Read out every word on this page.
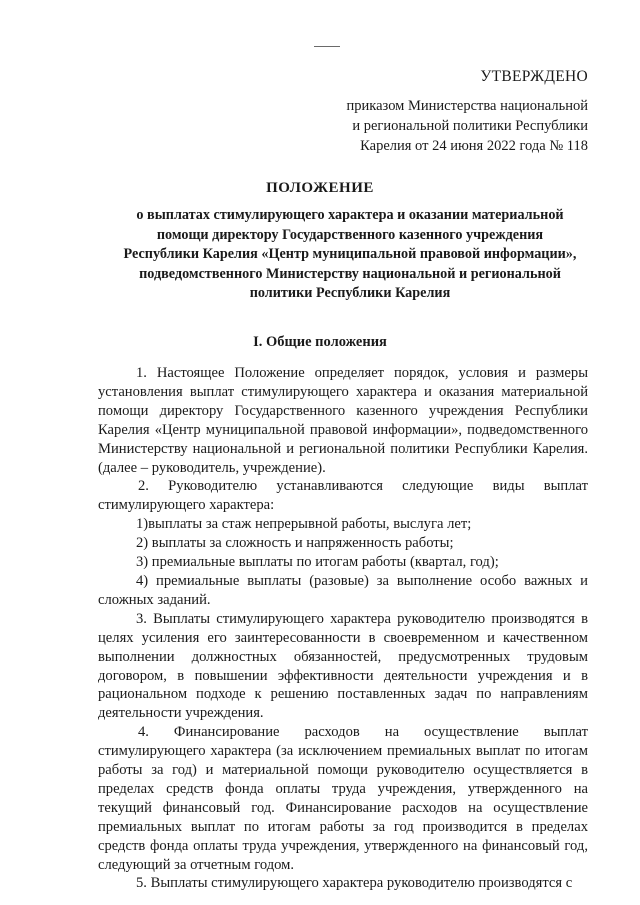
УТВЕРЖДЕНО
приказом Министерства национальной
и региональной политики Республики
Карелия от 24 июня 2022 года № 118
ПОЛОЖЕНИЕ
о выплатах стимулирующего характера и оказании материальной
помощи директору Государственного казенного учреждения
Республики Карелия «Центр муниципальной правовой информации»,
подведомственного Министерству национальной и региональной
политики Республики Карелия
I. Общие положения

1. Настоящее Положение определяет порядок, условия и размеры установления выплат стимулирующего характера и оказания материальной помощи директору Государственного казенного учреждения Республики Карелия «Центр муниципальной правовой информации», подведомственного Министерству национальной и региональной политики Республики Карелия. (далее – руководитель, учреждение).

2. Руководителю устанавливаются следующие виды выплат стимулирующего характера:

1)выплаты за стаж непрерывной работы, выслуга лет;

2) выплаты за сложность и напряженность работы;

3) премиальные выплаты по итогам работы (квартал, год);

4) премиальные выплаты (разовые) за выполнение особо важных и сложных заданий.

3. Выплаты стимулирующего характера руководителю производятся в целях усиления его заинтересованности в своевременном и качественном выполнении должностных обязанностей, предусмотренных трудовым договором, в повышении эффективности деятельности учреждения и в рациональном подходе к решению поставленных задач по направлениям деятельности учреждения.

4. Финансирование расходов на осуществление выплат стимулирующего характера (за исключением премиальных выплат по итогам работы за год) и материальной помощи руководителю осуществляется в пределах средств фонда оплаты труда учреждения, утвержденного на текущий финансовый год. Финансирование расходов на осуществление премиальных выплат по итогам работы за год производится в пределах средств фонда оплаты труда учреждения, утвержденного на финансовый год, следующий за отчетным годом.

5. Выплаты стимулирующего характера руководителю производятся с
